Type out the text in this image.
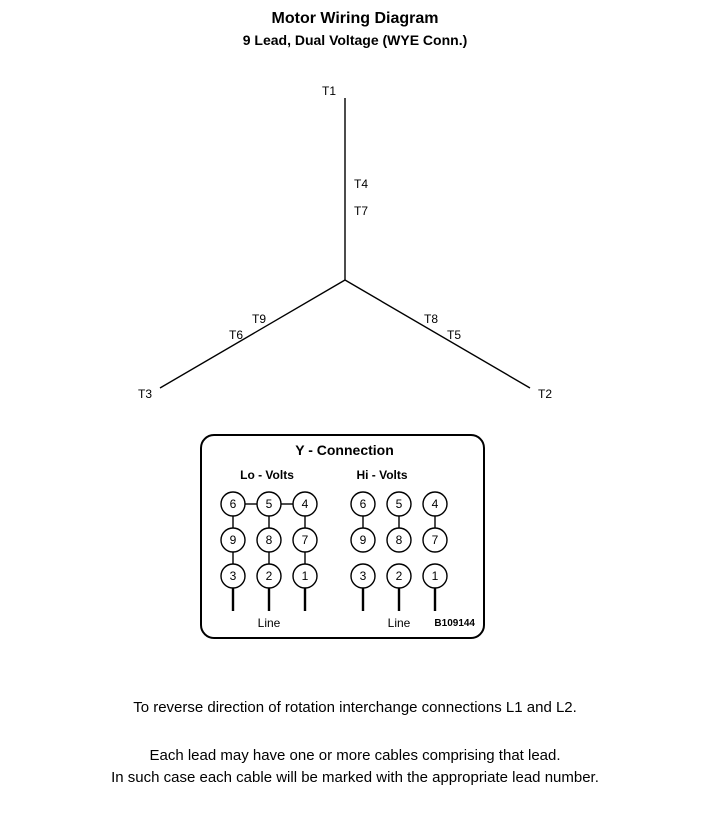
Motor Wiring Diagram
9 Lead, Dual Voltage (WYE Conn.)
T1
T4
T7
T9
T6
T3
T8
T5
T2
Y - Connection
Lo - Volts	Hi - Volts
6 5 4
9 8 7
3 2 1
Line
6 5 4
9 8 7
3 2 1
Line B109144
To reverse direction of rotation interchange connections L1 and L2.
Each lead may have one or more cables comprising that lead.
In such case each cable will be marked with the appropriate lead number.
